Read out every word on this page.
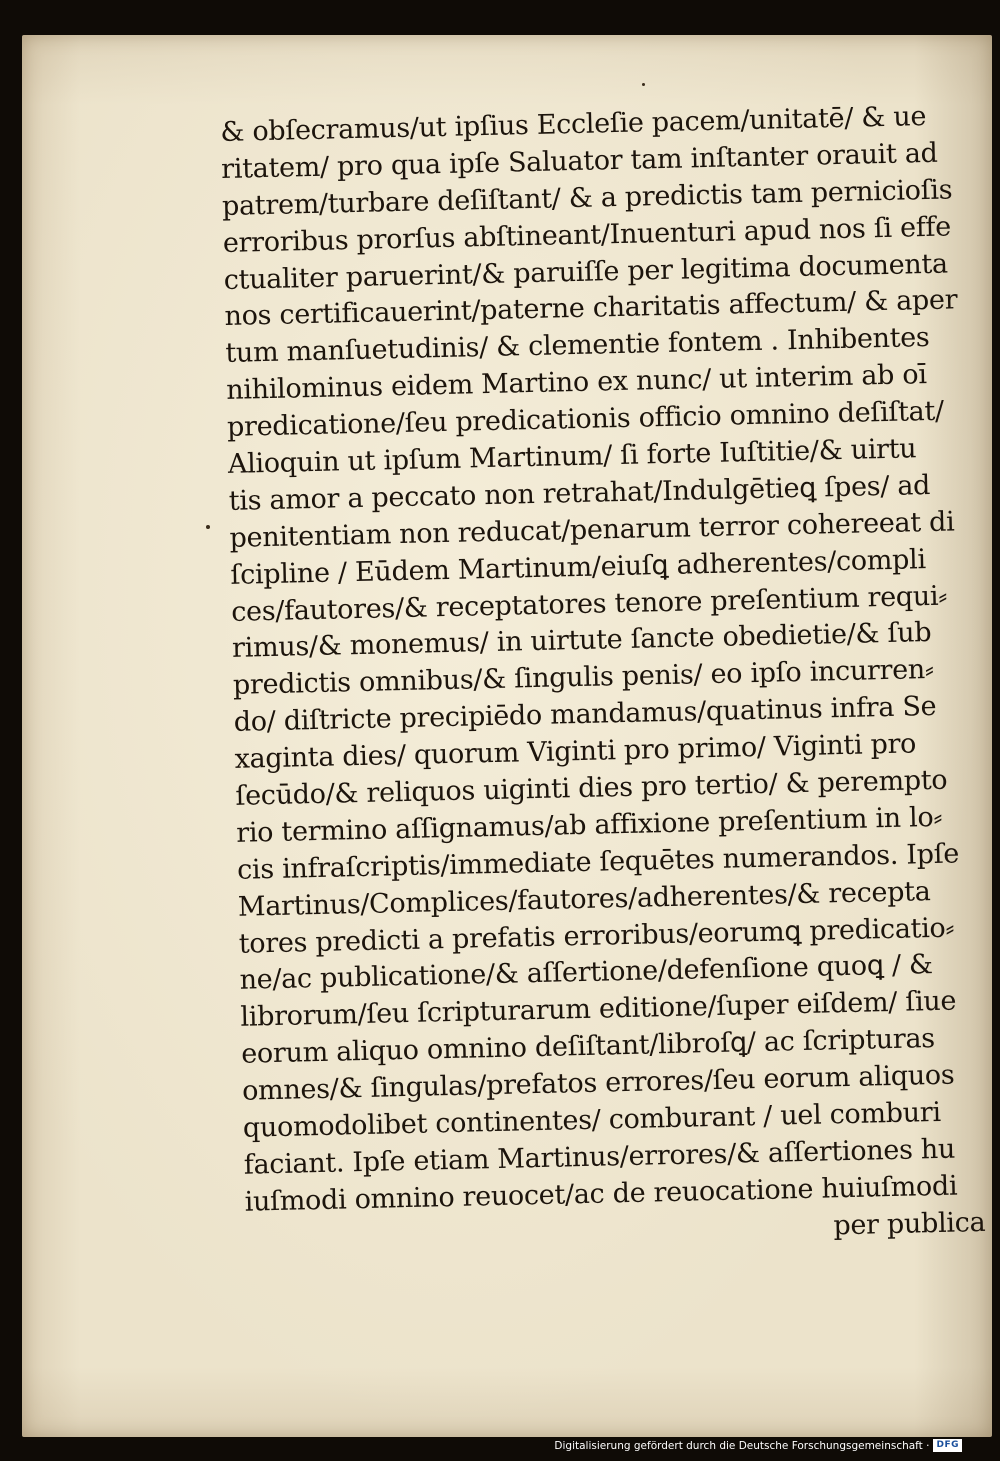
& obſecramus/ut ipſius Eccleſie pacem/unitatē/ & ue
ritatem/ pro qua ipſe Saluator tam inſtanter orauit ad
patrem/turbare deſiſtant/ & a predictis tam pernicioſis
erroribus prorſus abſtineant/Inuenturi apud nos ſi effe
ctualiter paruerint/& paruiſſe per legitima documenta
nos certificauerint/paterne charitatis affectum/ & aper
tum manſuetudinis/ & clementie fontem . Inhibentes
nihilominus eidem Martino ex nunc/ ut interim ab oī
predicatione/ſeu predicationis officio omnino deſiſtat/
Alioquin ut ipſum Martinum/ ſi forte Iuſtitie/& uirtu
tis amor a peccato non retrahat/Indulgētieꝗ ſpes/ ad
penitentiam non reducat/penarum terror cohereeat di
ſcipline / Eūdem Martinum/eiuſꝗ adherentes/compli
ces/fautores/& receptatores tenore preſentium requi⸗
rimus/& monemus/ in uirtute ſancte obedietie/& ſub
predictis omnibus/& ſingulis penis/ eo ipſo incurren⸗
do/ diſtricte precipiēdo mandamus/quatinus infra Se
xaginta dies/ quorum Viginti pro primo/ Viginti pro
ſecūdo/& reliquos uiginti dies pro tertio/ & perempto
rio termino aſſignamus/ab affixione preſentium in lo⸗
cis infraſcriptis/immediate ſequētes numerandos. Ipſe
Martinus/Complices/fautores/adherentes/& recepta
tores predicti a prefatis erroribus/eorumꝗ predicatio⸗
ne/ac publicatione/& aſſertione/defenſione quoꝗ / &
librorum/ſeu ſcripturarum editione/ſuper eiſdem/ ſiue
eorum aliquo omnino deſiſtant/libroſꝗ/ ac ſcripturas
omnes/& ſingulas/prefatos errores/ſeu eorum aliquos
quomodolibet continentes/ comburant / uel comburi
faciant. Ipſe etiam Martinus/errores/& aſſertiones hu
iuſmodi omnino reuocet/ac de reuocatione huiuſmodi
per publica
Digitalisierung gefördert durch die Deutsche Forschungsgemeinschaft · DFG
